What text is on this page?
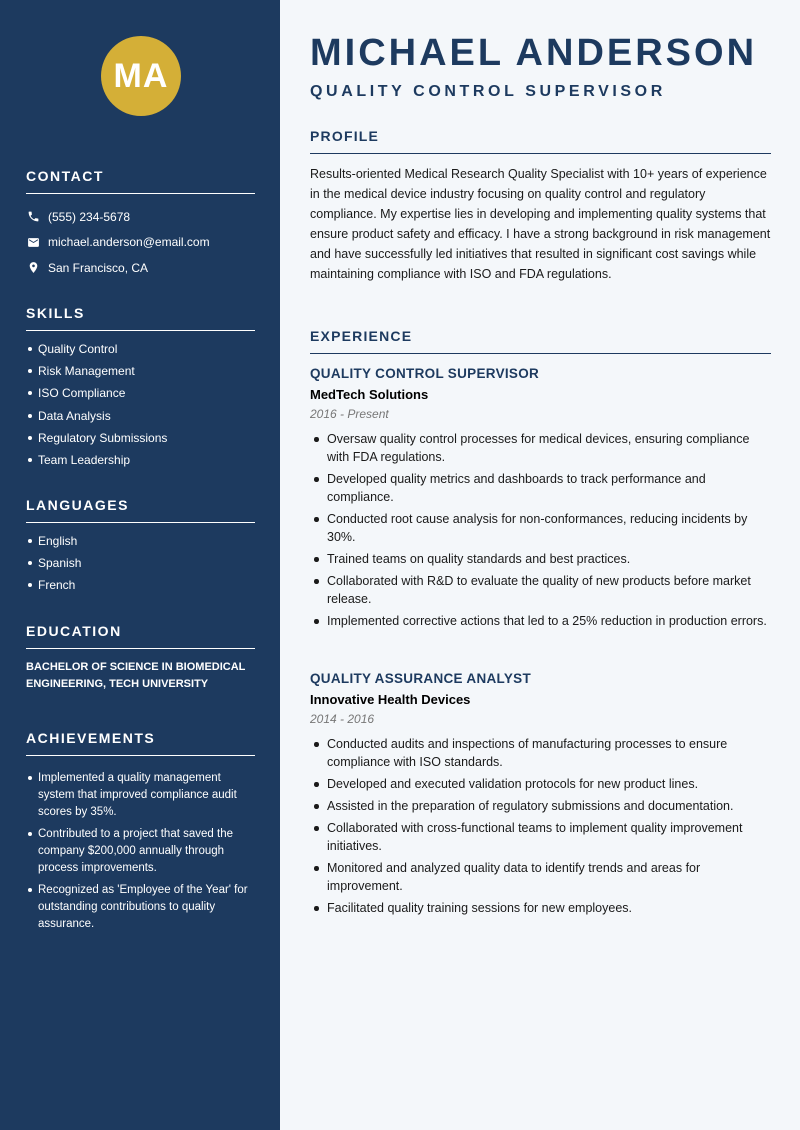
MA
CONTACT
(555) 234-5678
michael.anderson@email.com
San Francisco, CA
SKILLS
Quality Control
Risk Management
ISO Compliance
Data Analysis
Regulatory Submissions
Team Leadership
LANGUAGES
English
Spanish
French
EDUCATION

BACHELOR OF SCIENCE IN BIOMEDICAL ENGINEERING, TECH UNIVERSITY

ACHIEVEMENTS
Implemented a quality management system that improved compliance audit scores by 35%.
Contributed to a project that saved the company $200,000 annually through process improvements.
Recognized as 'Employee of the Year' for outstanding contributions to quality assurance.
MICHAEL ANDERSON
QUALITY CONTROL SUPERVISOR
PROFILE

Results-oriented Medical Research Quality Specialist with 10+ years of experience in the medical device industry focusing on quality control and regulatory compliance. My expertise lies in developing and implementing quality systems that ensure product safety and efficacy. I have a strong background in risk management and have successfully led initiatives that resulted in significant cost savings while maintaining compliance with ISO and FDA regulations.

EXPERIENCE
QUALITY CONTROL SUPERVISOR
MedTech Solutions
2016 - Present
Oversaw quality control processes for medical devices, ensuring compliance with FDA regulations.
Developed quality metrics and dashboards to track performance and compliance.
Conducted root cause analysis for non-conformances, reducing incidents by 30%.
Trained teams on quality standards and best practices.
Collaborated with R&D to evaluate the quality of new products before market release.
Implemented corrective actions that led to a 25% reduction in production errors.
QUALITY ASSURANCE ANALYST
Innovative Health Devices
2014 - 2016
Conducted audits and inspections of manufacturing processes to ensure compliance with ISO standards.
Developed and executed validation protocols for new product lines.
Assisted in the preparation of regulatory submissions and documentation.
Collaborated with cross-functional teams to implement quality improvement initiatives.
Monitored and analyzed quality data to identify trends and areas for improvement.
Facilitated quality training sessions for new employees.
